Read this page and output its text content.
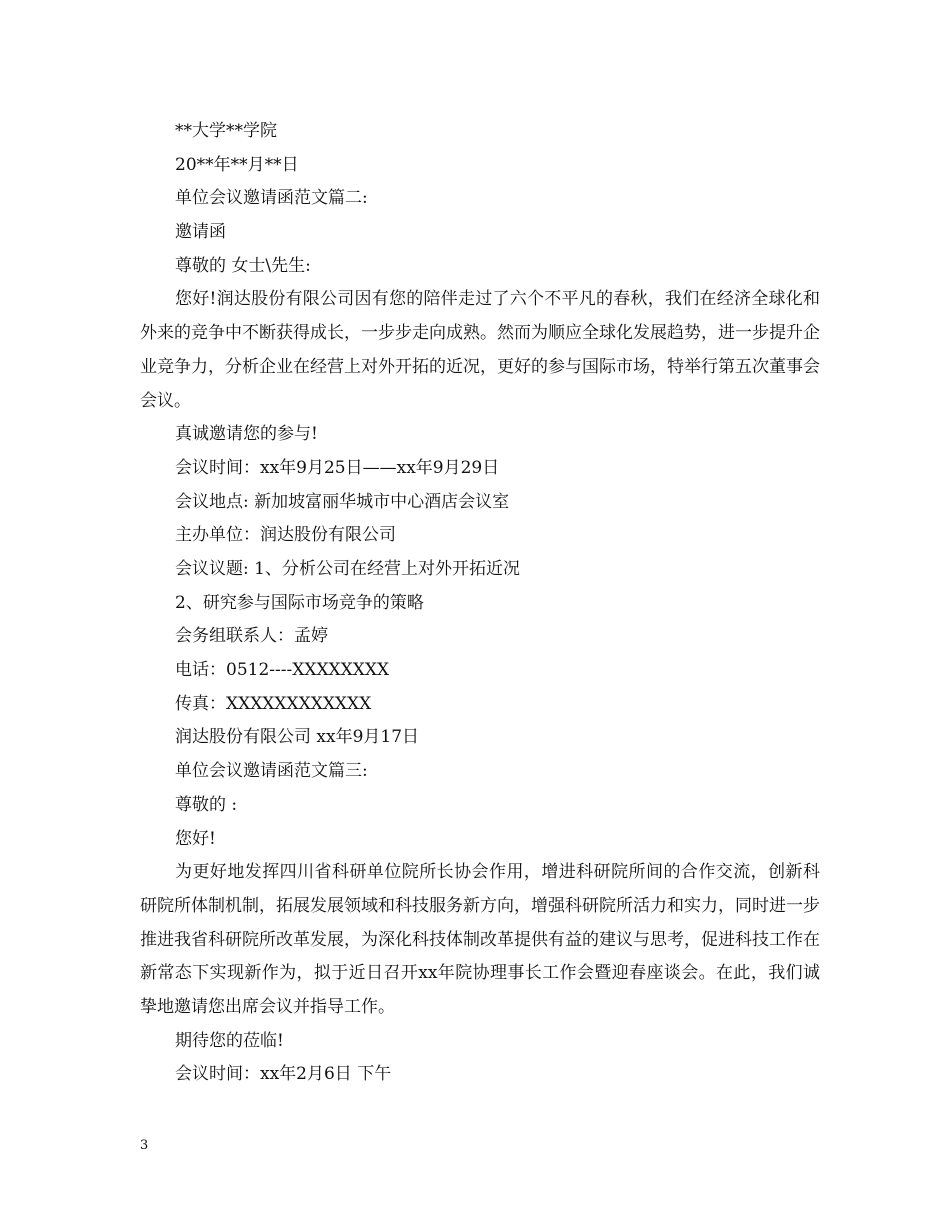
**大学**学院
20**年**月**日
单位会议邀请函范文篇二:
邀请函
尊敬的 女士\先生:

您好!润达股份有限公司因有您的陪伴走过了六个不平凡的春秋，我们在经济全球化和外来的竞争中不断获得成长，一步步走向成熟。然而为顺应全球化发展趋势，进一步提升企业竞争力，分析企业在经营上对外开拓的近况，更好的参与国际市场，特举行第五次董事会会议。

真诚邀请您的参与!
会议时间：xx年9月25日——xx年9月29日
会议地点: 新加坡富丽华城市中心酒店会议室
主办单位：润达股份有限公司
会议议题: 1、分析公司在经营上对外开拓近况
2、研究参与国际市场竞争的策略
会务组联系人：孟婷
电话：0512----XXXXXXXX
传真：XXXXXXXXXXXX
润达股份有限公司 xx年9月17日
单位会议邀请函范文篇三:
尊敬的 :
您好!

为更好地发挥四川省科研单位院所长协会作用，增进科研院所间的合作交流，创新科研院所体制机制，拓展发展领域和科技服务新方向，增强科研院所活力和实力，同时进一步推进我省科研院所改革发展，为深化科技体制改革提供有益的建议与思考，促进科技工作在新常态下实现新作为，拟于近日召开xx年院协理事长工作会暨迎春座谈会。在此，我们诚挚地邀请您出席会议并指导工作。

期待您的莅临!
会议时间：xx年2月6日 下午
3
